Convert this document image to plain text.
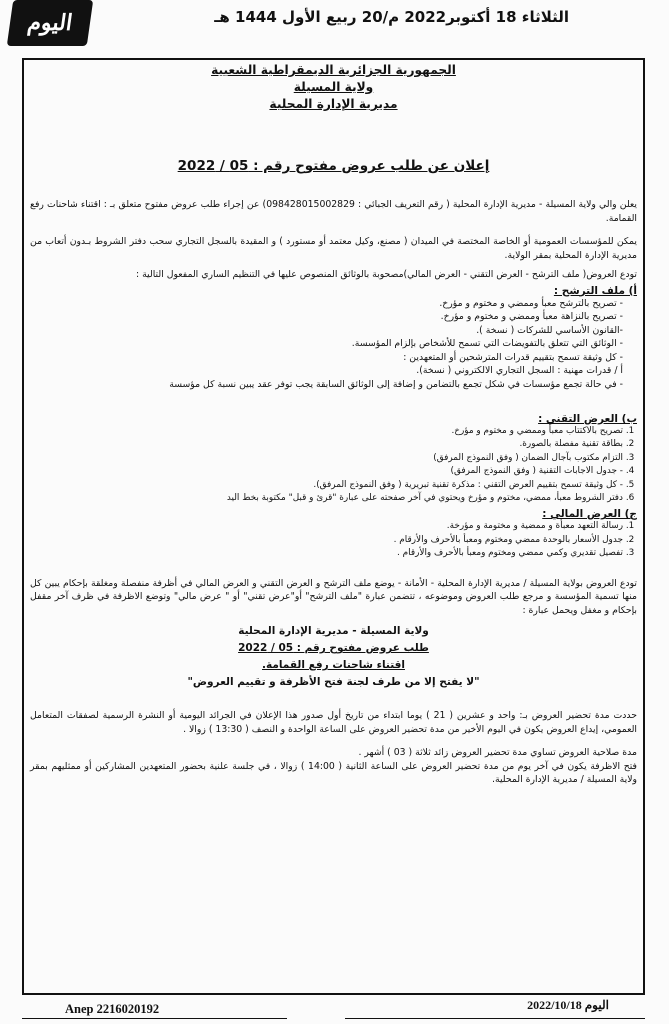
اليوم	الثلاثاء 18 أكتوبر2022 م/20 ربيع الأول 1444 هـ
الجمهورية الجزائرية الديمقراطية الشعبية
ولاية المسيلة
مديرية الإدارة المحلية
إعلان عن طلب عروض مفتوح رقم : 05 / 2022

يعلن والي ولاية المسيلة - مديرية الإدارة المحلية ( رقم التعريف الجبائي : 098428015002829) عن إجراء طلب عروض مفتوح متعلق بـ : اقتناء شاحنات رفع القمامة.

يمكن للمؤسسات العمومية أو الخاصة المختصة في الميدان ( مصنع، وكيل معتمد أو مستورد ) و المقيدة بالسجل التجاري سحب دفتر الشروط بـدون أتعاب من مديرية الإدارة المحلية بمقر الولاية.

تودع العروض( ملف الترشح - العرض التقني - العرض المالي)مصحوبة بالوثائق المنصوص عليها في التنظيم الساري المفعول التالية :

أ) ملف الترشح :
- تصريح بالترشح معبأ وممضي و مختوم و مؤرخ.
- تصريح بالنزاهة معبأ وممضي و مختوم و مؤرخ.
-القانون الأساسي للشركات ( نسخة ).
- الوثائق التي تتعلق بالتفويضات التي تسمح للأشخاص بإلزام المؤسسة.
- كل وثيقة تسمح بتقييم قدرات المترشحين أو المتعهدين :
أ / قدرات مهنية : السجل التجاري الالكتروني ( نسخة).
- في حالة تجمع مؤسسات في شكل تجمع بالتضامن و إضافة إلى الوثائق السابقة يجب توفر عقد يبين نسبة كل مؤسسة
ب) العرض التقني :
1. تصريح بالاكتتاب معبأ وممضي و مختوم و مؤرخ.
2. بطاقة تقنية مفصلة بالصورة.
3. التزام مكتوب بآجال الضمان ( وفق النموذج المرفق)
4. - جدول الاجابات التقنية ( وفق النموذج المرفق)
5. - كل وثيقة تسمح بتقييم العرض التقني : مذكرة تقنية تبريرية ( وفق النموذج المرفق).
6. دفتر الشروط معبأ، ممضي، مختوم و مؤرخ ويحتوي في آخر صفحته على عبارة "قرئ و قبل" مكتوبة بخط اليد
ج) العرض المالي :
1. رسالة التعهد معبأة و ممضية و مختومة و مؤرخة.
2. جدول الأسعار بالوحدة ممضي ومختوم ومعبأ بالأحرف والأرقام .
3. تفصيل تقديري وكمي ممضي ومختوم ومعبأ بالأحرف والأرقام .

تودع العروض بولاية المسيلة / مديرية الإدارة المحلية - الأمانة - يوضع ملف الترشح و العرض التقني و العرض المالي في أظرفة منفصلة ومغلقة بإحكام يبين كل منها تسمية المؤسسة و مرجع طلب العروض وموضوعه ، تتضمن عبارة "ملف الترشح" أو"عرض تقني" أو " عرض مالي" وتوضع الاظرفة في ظرف آخر مقفل بإحكام و مغفل ويحمل عبارة :

ولاية المسيلة - مديرية الإدارة المحلية
طلب عروض مفتوح رقم : 05 / 2022
اقتناء شاحنات رفع القمامة.
"لا يفتح إلا من طرف لجنة فتح الأظرفة و تقييم العروض"

حددت مدة تحضير العروض بـ: واحد و عشرين ( 21 ) يوما ابتداء من تاريخ أول صدور هذا الإعلان في الجرائد اليومية أو النشرة الرسمية لصفقات المتعامل العمومي، إيداع العروض يكون في اليوم الأخير من مدة تحضير العروض على الساعة الواحدة و النصف ( 13:30 ) زوالا .

مدة صلاحية العروض تساوي مدة تحضير العروض زائد ثلاثة ( 03 ) أشهر .

فتح الاظرفة يكون في آخر يوم من مدة تحضير العروض على الساعة الثانية ( 14:00 ) زوالا ، في جلسة علنية بحضور المتعهدين المشاركين أو ممثليهم بمقر ولاية المسيلة / مديرية الإدارة المحلية.

Anep 2216020192	اليوم 2022/10/18
